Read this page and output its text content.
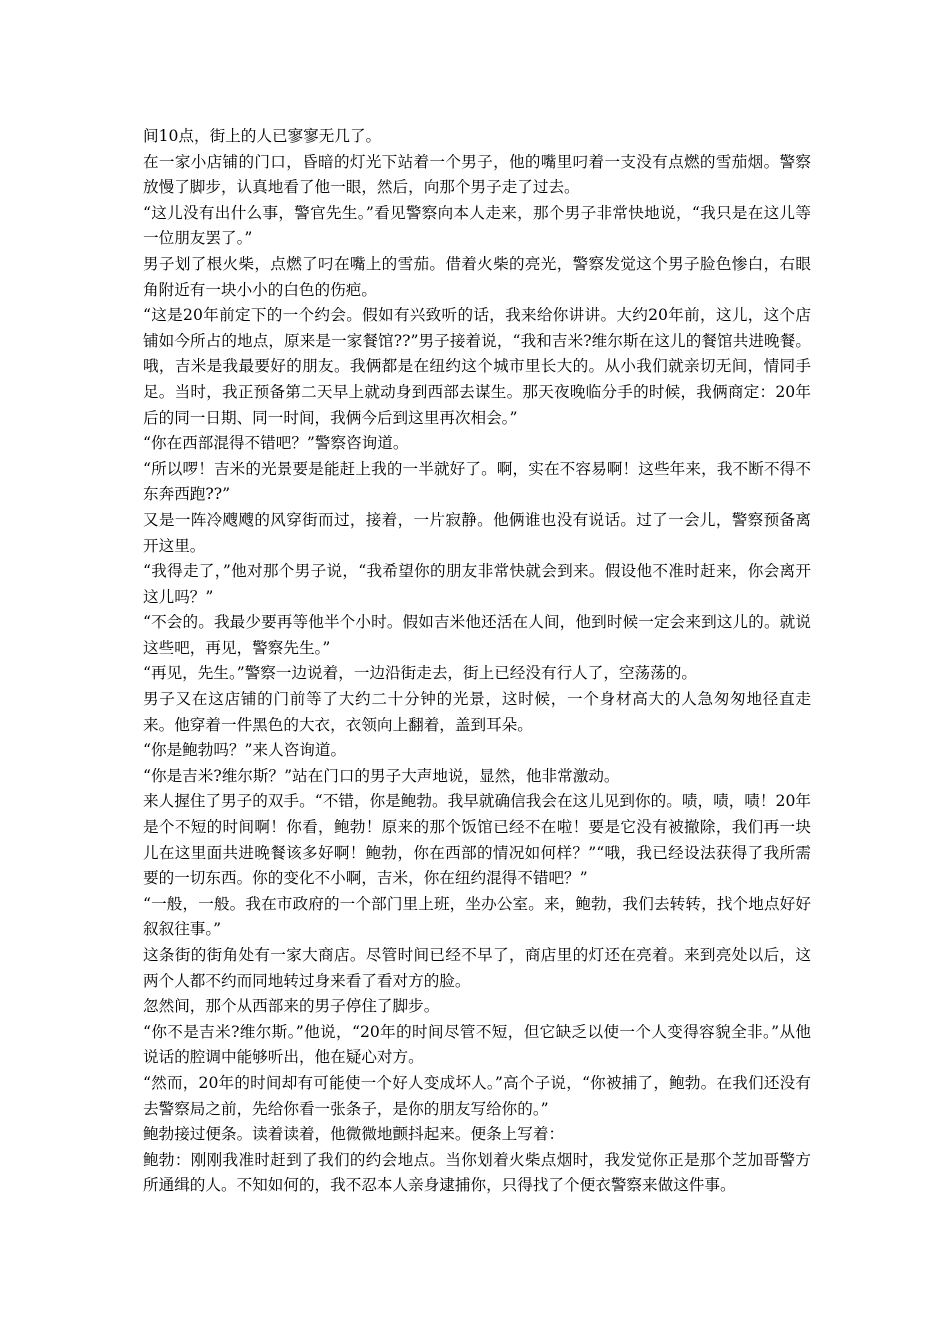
间10点，街上的人已寥寥无几了。

在一家小店铺的门口，昏暗的灯光下站着一个男子，他的嘴里叼着一支没有点燃的雪茄烟。警察放慢了脚步，认真地看了他一眼，然后，向那个男子走了过去。

“这儿没有出什么事，警官先生。”看见警察向本人走来，那个男子非常快地说，“我只是在这儿等一位朋友罢了。”

男子划了根火柴，点燃了叼在嘴上的雪茄。借着火柴的亮光，警察发觉这个男子脸色惨白，右眼角附近有一块小小的白色的伤疤。

“这是20年前定下的一个约会。假如有兴致听的话，我来给你讲讲。大约20年前，这儿，这个店铺如今所占的地点，原来是一家餐馆??”男子接着说，“我和吉米?维尔斯在这儿的餐馆共进晚餐。哦，吉米是我最要好的朋友。我俩都是在纽约这个城市里长大的。从小我们就亲切无间，情同手足。当时，我正预备第二天早上就动身到西部去谋生。那天夜晚临分手的时候，我俩商定：20年后的同一日期、同一时间，我俩今后到这里再次相会。”

“你在西部混得不错吧？”警察咨询道。

“所以啰！吉米的光景要是能赶上我的一半就好了。啊，实在不容易啊！这些年来，我不断不得不东奔西跑??”

又是一阵冷飕飕的风穿街而过，接着，一片寂静。他俩谁也没有说话。过了一会儿，警察预备离开这里。

“我得走了，”他对那个男子说，“我希望你的朋友非常快就会到来。假设他不准时赶来，你会离开这儿吗？”

“不会的。我最少要再等他半个小时。假如吉米他还活在人间，他到时候一定会来到这儿的。就说这些吧，再见，警察先生。”

“再见，先生。”警察一边说着，一边沿街走去，街上已经没有行人了，空荡荡的。

男子又在这店铺的门前等了大约二十分钟的光景，这时候，一个身材高大的人急匆匆地径直走来。他穿着一件黑色的大衣，衣领向上翻着，盖到耳朵。

“你是鲍勃吗？”来人咨询道。

“你是吉米?维尔斯？”站在门口的男子大声地说，显然，他非常激动。

来人握住了男子的双手。“不错，你是鲍勃。我早就确信我会在这儿见到你的。啧，啧，啧！20年是个不短的时间啊！你看，鲍勃！原来的那个饭馆已经不在啦！要是它没有被撤除，我们再一块儿在这里面共进晚餐该多好啊！鲍勃，你在西部的情况如何样？”“哦，我已经设法获得了我所需要的一切东西。你的变化不小啊，吉米，你在纽约混得不错吧？”

“一般，一般。我在市政府的一个部门里上班，坐办公室。来，鲍勃，我们去转转，找个地点好好叙叙往事。”

这条街的街角处有一家大商店。尽管时间已经不早了，商店里的灯还在亮着。来到亮处以后，这两个人都不约而同地转过身来看了看对方的脸。

忽然间，那个从西部来的男子停住了脚步。

“你不是吉米?维尔斯。”他说，“20年的时间尽管不短，但它缺乏以使一个人变得容貌全非。”从他说话的腔调中能够听出，他在疑心对方。

“然而，20年的时间却有可能使一个好人变成坏人。”高个子说，“你被捕了，鲍勃。在我们还没有去警察局之前，先给你看一张条子，是你的朋友写给你的。”

鲍勃接过便条。读着读着，他微微地颤抖起来。便条上写着：

鲍勃：刚刚我准时赶到了我们的约会地点。当你划着火柴点烟时，我发觉你正是那个芝加哥警方所通缉的人。不知如何的，我不忍本人亲身逮捕你，只得找了个便衣警察来做这件事。
